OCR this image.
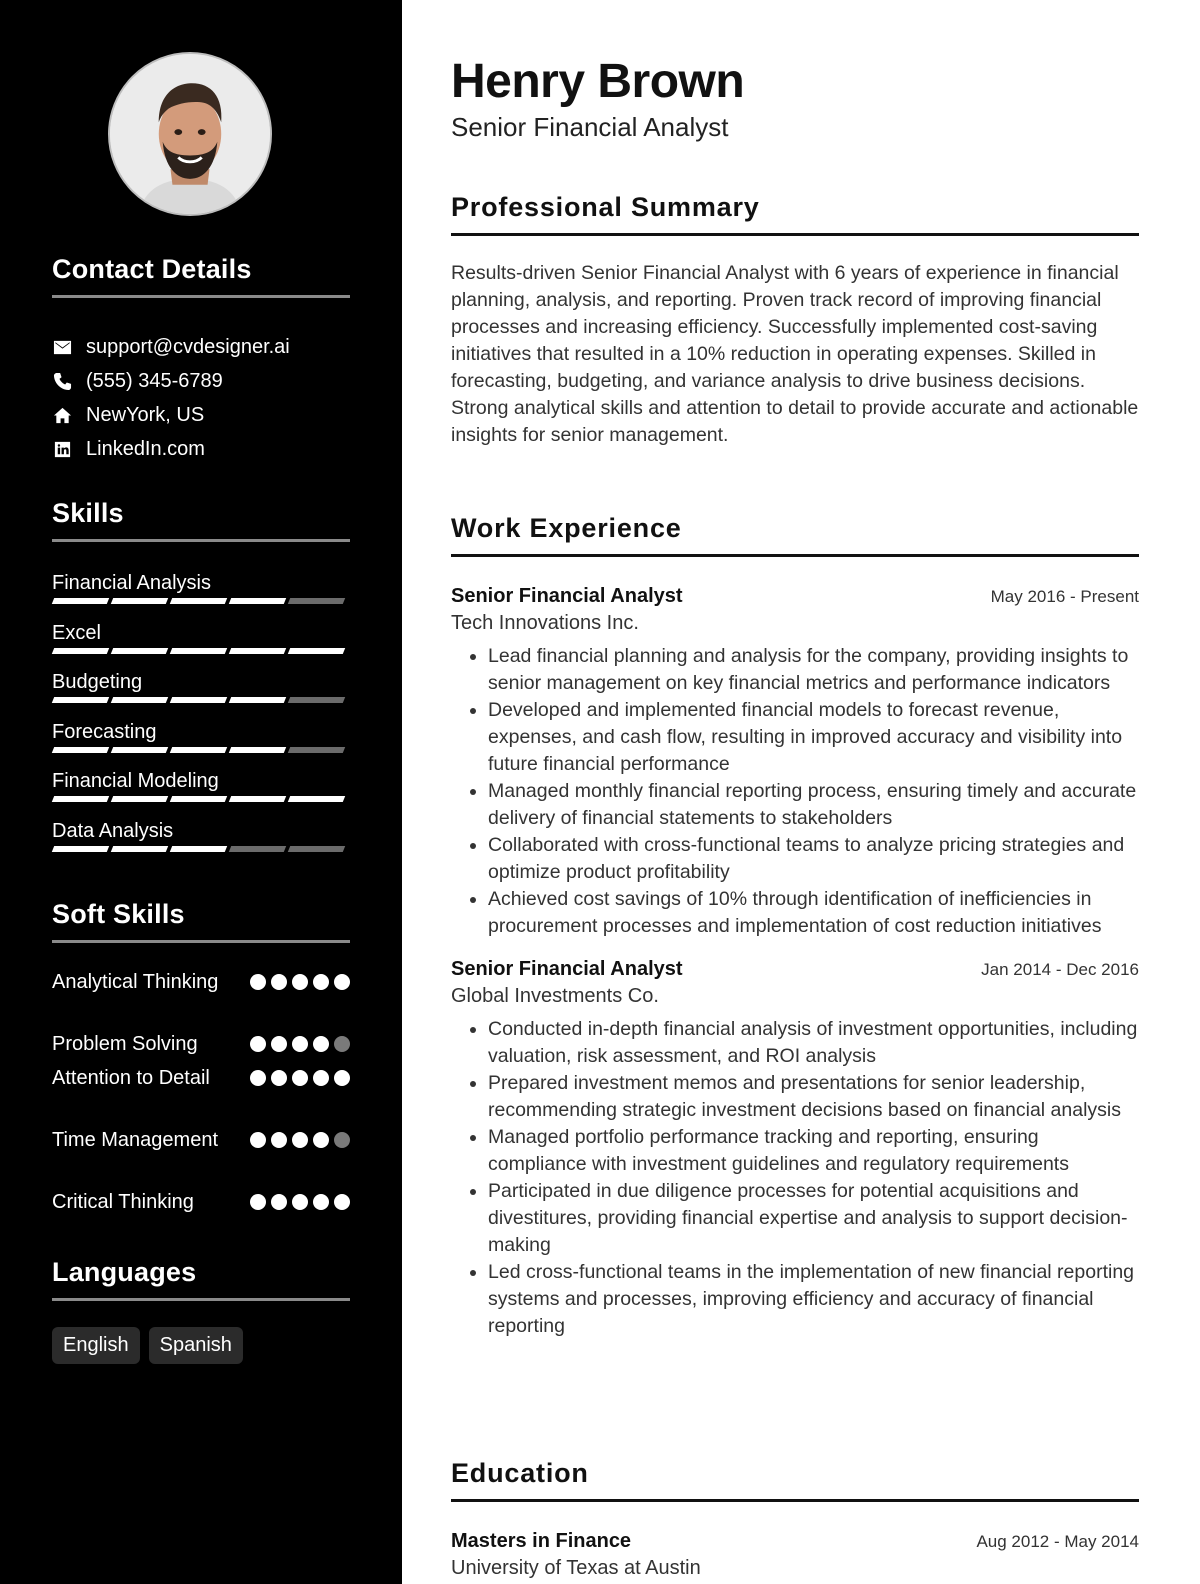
Contact Details
support@cvdesigner.ai
(555) 345-6789
NewYork, US
LinkedIn.com
Skills
Financial Analysis
Excel
Budgeting
Forecasting
Financial Modeling
Data Analysis
Soft Skills
Analytical Thinking
Problem Solving
Attention to Detail
Time Management
Critical Thinking
Languages
English	Spanish
Henry Brown
Senior Financial Analyst
Professional Summary

Results-driven Senior Financial Analyst with 6 years of experience in financial planning, analysis, and reporting. Proven track record of improving financial processes and increasing efficiency. Successfully implemented cost-saving initiatives that resulted in a 10% reduction in operating expenses. Skilled in forecasting, budgeting, and variance analysis to drive business decisions. Strong analytical skills and attention to detail to provide accurate and actionable insights for senior management.

Work Experience
Senior Financial Analyst	May 2016 - Present
Tech Innovations Inc.
• Lead financial planning and analysis for the company, providing insights to senior management on key financial metrics and performance indicators
• Developed and implemented financial models to forecast revenue, expenses, and cash flow, resulting in improved accuracy and visibility into future financial performance
• Managed monthly financial reporting process, ensuring timely and accurate delivery of financial statements to stakeholders
• Collaborated with cross-functional teams to analyze pricing strategies and optimize product profitability
• Achieved cost savings of 10% through identification of inefficiencies in procurement processes and implementation of cost reduction initiatives
Senior Financial Analyst	Jan 2014 - Dec 2016
Global Investments Co.
• Conducted in-depth financial analysis of investment opportunities, including valuation, risk assessment, and ROI analysis
• Prepared investment memos and presentations for senior leadership, recommending strategic investment decisions based on financial analysis
• Managed portfolio performance tracking and reporting, ensuring compliance with investment guidelines and regulatory requirements
• Participated in due diligence processes for potential acquisitions and divestitures, providing financial expertise and analysis to support decision-making
• Led cross-functional teams in the implementation of new financial reporting systems and processes, improving efficiency and accuracy of financial reporting
Education
Masters in Finance	Aug 2012 - May 2014
University of Texas at Austin
